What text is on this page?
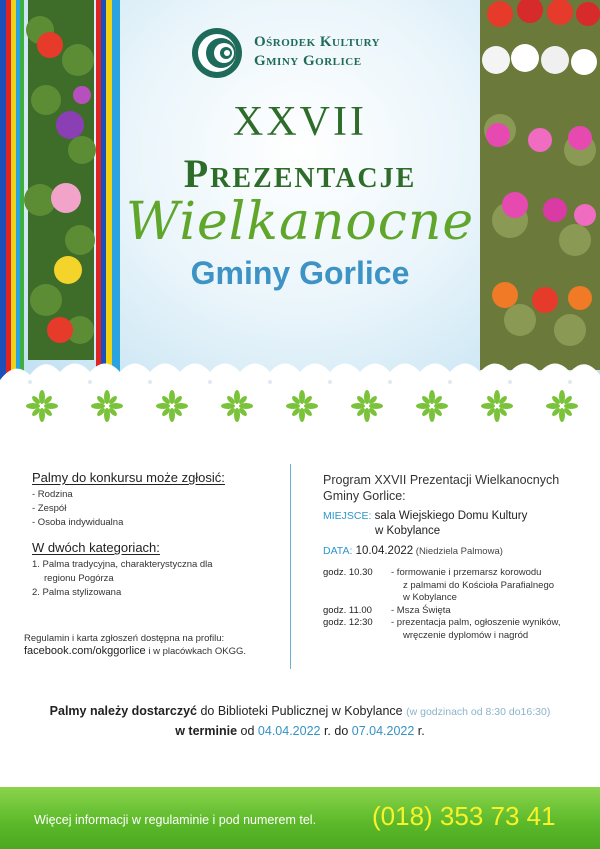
Ośrodek Kultury
Gminy Gorlice
XXVII
Prezentacje
Wielkanocne
Gminy Gorlice
Palmy do konkursu może zgłosić:
- Rodzina
- Zespół
- Osoba indywidualna
W dwóch kategoriach:
1. Palma tradycyjna, charakterystyczna dla
regionu Pogórza
2. Palma stylizowana
Regulamin i karta zgłoszeń dostępna na profilu:
facebook.com/okggorlice i w placówkach OKGG.
Program XXVII Prezentacji Wielkanocnych
Gminy Gorlice:
MIEJSCE: sala Wiejskiego Domu Kultury
w Kobylance
DATA: 10.04.2022 (Niedziela Palmowa)
godz. 10.30	- formowanie i przemarsz korowodu
z palmami do Kościoła Parafialnego
w Kobylance
godz. 11.00	- Msza Święta
godz. 12:30	- prezentacja palm, ogłoszenie wyników,
wręczenie dyplomów i nagród
Palmy należy dostarczyć do Biblioteki Publicznej w Kobylance (w godzinach od 8:30 do16:30)
w terminie od 04.04.2022 r. do 07.04.2022 r.
Więcej informacji w regulaminie i pod numerem tel. (018) 353 73 41
